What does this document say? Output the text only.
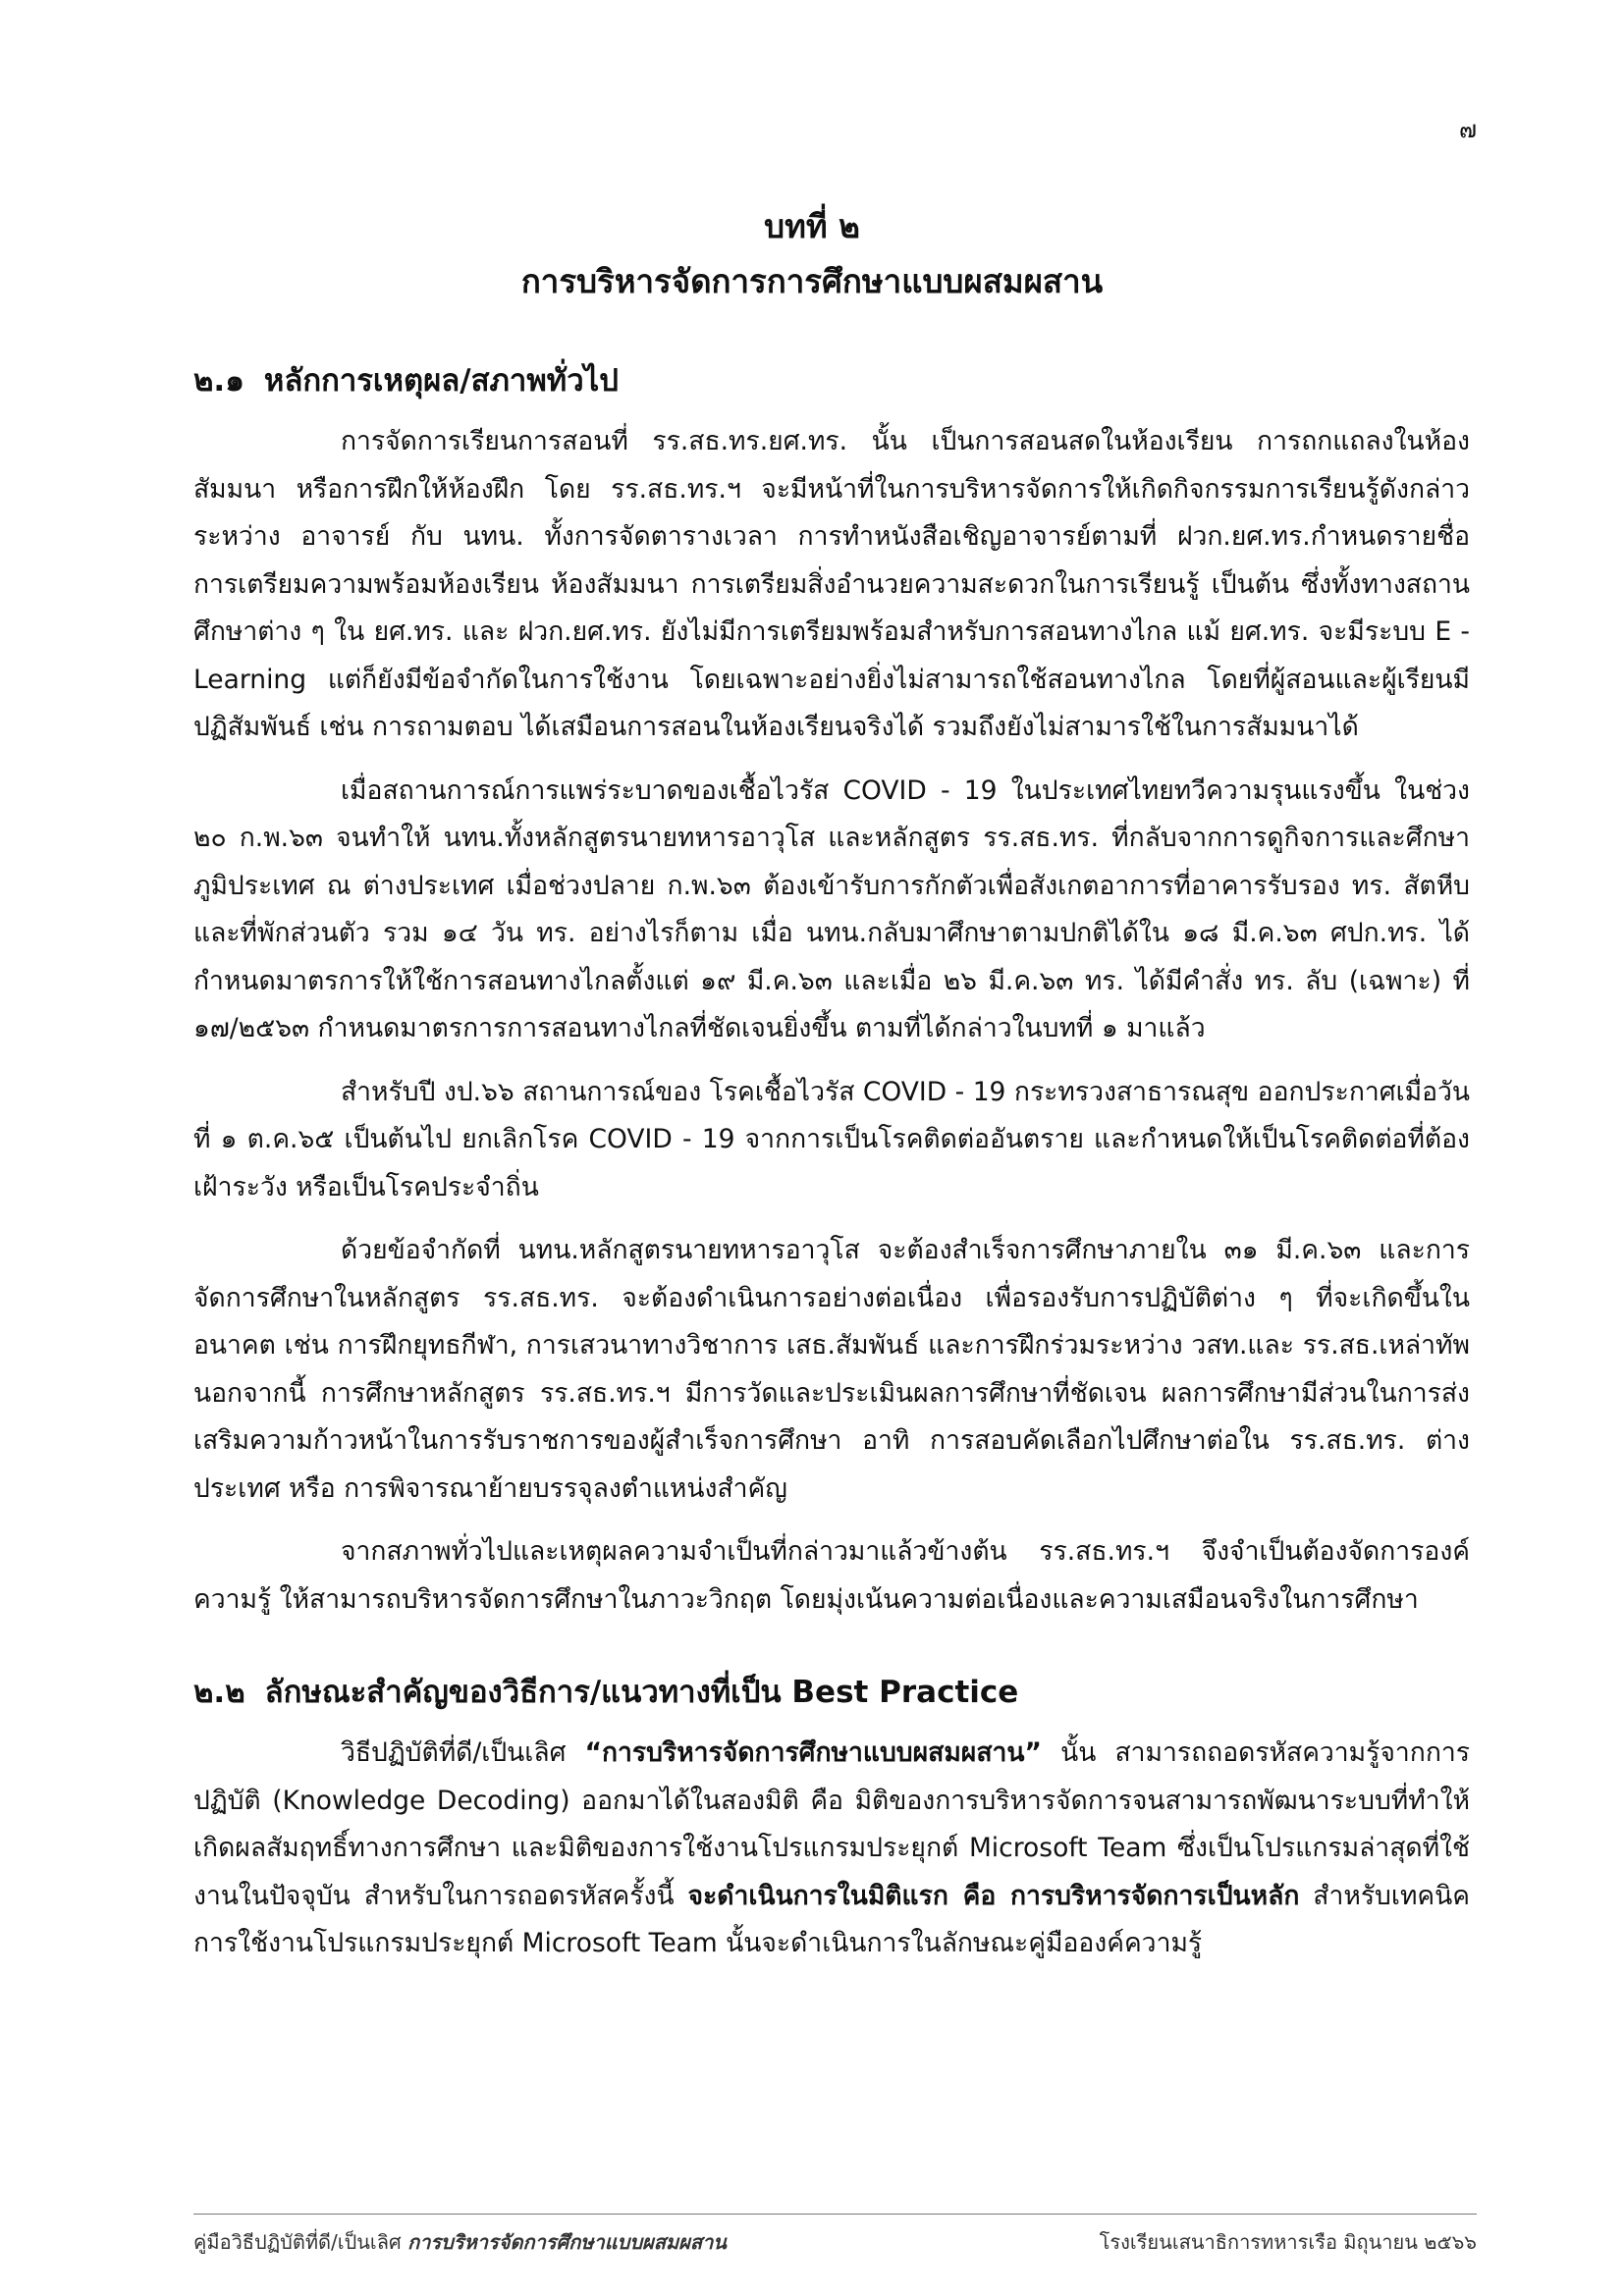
๗
บทที่ ๒
การบริหารจัดการการศึกษาแบบผสมผสาน
๒.๑ หลักการเหตุผล/สภาพทั่วไป

การจัดการเรียนการสอนที่ รร.สธ.ทร.ยศ.ทร. นั้น เป็นการสอนสดในห้องเรียน การถกแถลงในห้องสัมมนา หรือการฝึกให้ห้องฝึก โดย รร.สธ.ทร.ฯ จะมีหน้าที่ในการบริหารจัดการให้เกิดกิจกรรมการเรียนรู้ดังกล่าว ระหว่าง อาจารย์ กับ นทน. ทั้งการจัดตารางเวลา การทำหนังสือเชิญอาจารย์ตามที่ ฝวก.ยศ.ทร.กำหนดรายชื่อ การเตรียมความพร้อมห้องเรียน ห้องสัมมนา การเตรียมสิ่งอำนวยความสะดวกในการเรียนรู้ เป็นต้น ซึ่งทั้งทางสถานศึกษาต่าง ๆ ใน ยศ.ทร. และ ฝวก.ยศ.ทร. ยังไม่มีการเตรียมพร้อมสำหรับการสอนทางไกล แม้ ยศ.ทร. จะมีระบบ E - Learning แต่ก็ยังมีข้อจำกัดในการใช้งาน โดยเฉพาะอย่างยิ่งไม่สามารถใช้สอนทางไกล โดยที่ผู้สอนและผู้เรียนมีปฏิสัมพันธ์ เช่น การถามตอบ ได้เสมือนการสอนในห้องเรียนจริงได้ รวมถึงยังไม่สามารใช้ในการสัมมนาได้

เมื่อสถานการณ์การแพร่ระบาดของเชื้อไวรัส COVID - 19 ในประเทศไทยทวีความรุนแรงขึ้น ในช่วง ๒๐ ก.พ.๖๓ จนทำให้ นทน.ทั้งหลักสูตรนายทหารอาวุโส และหลักสูตร รร.สธ.ทร. ที่กลับจากการดูกิจการและศึกษาภูมิประเทศ ณ ต่างประเทศ เมื่อช่วงปลาย ก.พ.๖๓ ต้องเข้ารับการกักตัวเพื่อสังเกตอาการที่อาคารรับรอง ทร. สัตหีบ และที่พักส่วนตัว รวม ๑๔ วัน ทร. อย่างไรก็ตาม เมื่อ นทน.กลับมาศึกษาตามปกติได้ใน ๑๘ มี.ค.๖๓ ศปก.ทร. ได้กำหนดมาตรการให้ใช้การสอนทางไกลตั้งแต่ ๑๙ มี.ค.๖๓ และเมื่อ ๒๖ มี.ค.๖๓ ทร. ได้มีคำสั่ง ทร. ลับ (เฉพาะ) ที่ ๑๗/๒๕๖๓ กำหนดมาตรการการสอนทางไกลที่ชัดเจนยิ่งขึ้น ตามที่ได้กล่าวในบทที่ ๑ มาแล้ว

สำหรับปี งป.๖๖ สถานการณ์ของ โรคเชื้อไวรัส COVID - 19 กระทรวงสาธารณสุข ออกประกาศเมื่อวันที่ ๑ ต.ค.๖๕ เป็นต้นไป ยกเลิกโรค COVID - 19 จากการเป็นโรคติดต่ออันตราย และกำหนดให้เป็นโรคติดต่อที่ต้องเฝ้าระวัง หรือเป็นโรคประจำถิ่น

ด้วยข้อจำกัดที่ นทน.หลักสูตรนายทหารอาวุโส จะต้องสำเร็จการศึกษาภายใน ๓๑ มี.ค.๖๓ และการจัดการศึกษาในหลักสูตร รร.สธ.ทร. จะต้องดำเนินการอย่างต่อเนื่อง เพื่อรองรับการปฏิบัติต่าง ๆ ที่จะเกิดขึ้นในอนาคต เช่น การฝึกยุทธกีฬา, การเสวนาทางวิชาการ เสธ.สัมพันธ์ และการฝึกร่วมระหว่าง วสท.และ รร.สธ.เหล่าทัพ นอกจากนี้ การศึกษาหลักสูตร รร.สธ.ทร.ฯ มีการวัดและประเมินผลการศึกษาที่ชัดเจน ผลการศึกษามีส่วนในการส่งเสริมความก้าวหน้าในการรับราชการของผู้สำเร็จการศึกษา อาทิ การสอบคัดเลือกไปศึกษาต่อใน รร.สธ.ทร. ต่างประเทศ หรือ การพิจารณาย้ายบรรจุลงตำแหน่งสำคัญ

จากสภาพทั่วไปและเหตุผลความจำเป็นที่กล่าวมาแล้วข้างต้น รร.สธ.ทร.ฯ จึงจำเป็นต้องจัดการองค์ความรู้ ให้สามารถบริหารจัดการศึกษาในภาวะวิกฤต โดยมุ่งเน้นความต่อเนื่องและความเสมือนจริงในการศึกษา

๒.๒ ลักษณะสำคัญของวิธีการ/แนวทางที่เป็น Best Practice

วิธีปฏิบัติที่ดี/เป็นเลิศ “การบริหารจัดการศึกษาแบบผสมผสาน” นั้น สามารถถอดรหัสความรู้จากการปฏิบัติ (Knowledge Decoding) ออกมาได้ในสองมิติ คือ มิติของการบริหารจัดการจนสามารถพัฒนาระบบที่ทำให้เกิดผลสัมฤทธิ์ทางการศึกษา และมิติของการใช้งานโปรแกรมประยุกต์ Microsoft Team ซึ่งเป็นโปรแกรมล่าสุดที่ใช้งานในปัจจุบัน สำหรับในการถอดรหัสครั้งนี้ จะดำเนินการในมิติแรก คือ การบริหารจัดการเป็นหลัก สำหรับเทคนิคการใช้งานโปรแกรมประยุกต์ Microsoft Team นั้นจะดำเนินการในลักษณะคู่มือองค์ความรู้

คู่มือวิธีปฏิบัติที่ดี/เป็นเลิศ การบริหารจัดการศึกษาแบบผสมผสาน	โรงเรียนเสนาธิการทหารเรือ มิถุนายน ๒๕๖๖
